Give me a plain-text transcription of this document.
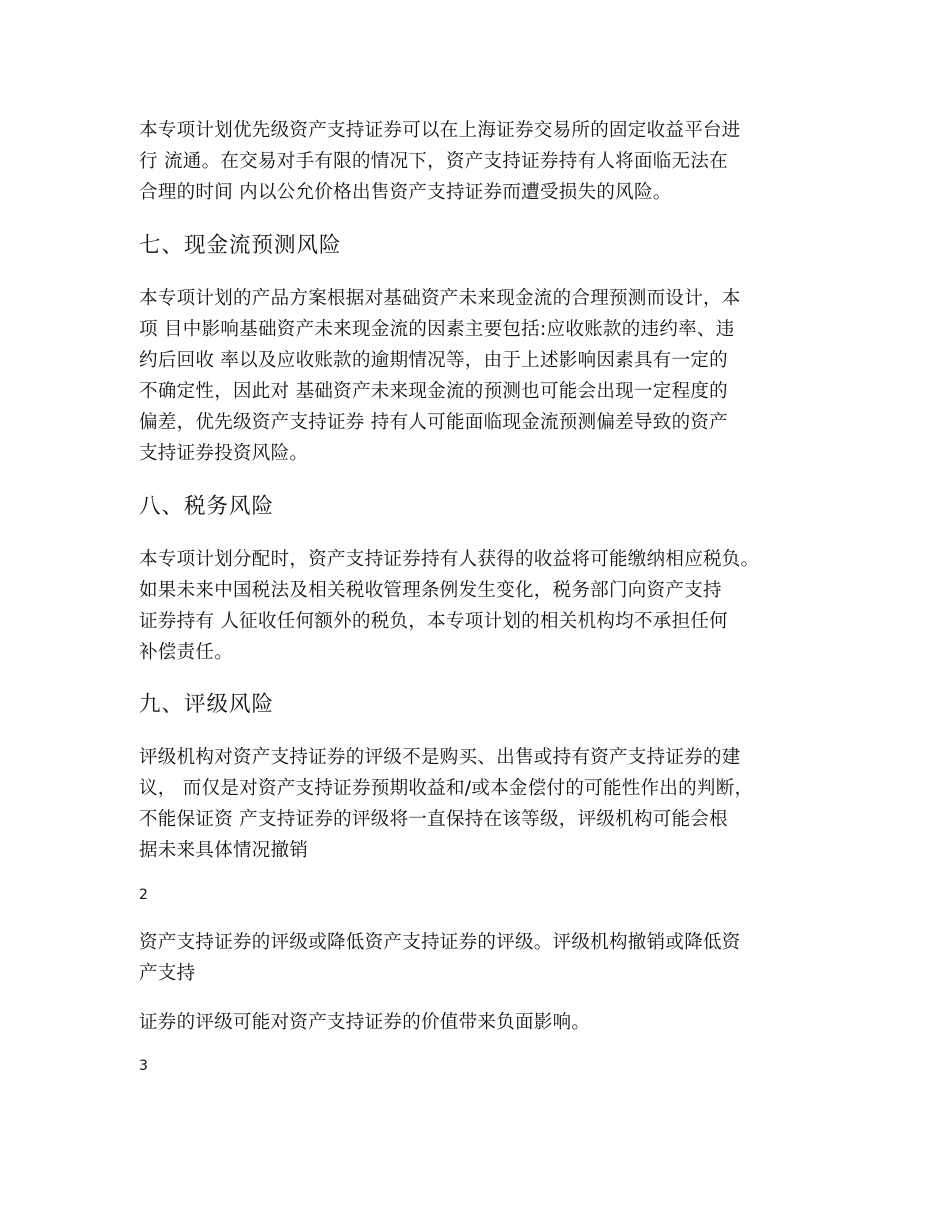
本专项计划优先级资产支持证券可以在上海证券交易所的固定收益平台进
行 流通。在交易对手有限的情况下，资产支持证券持有人将面临无法在
合理的时间 内以公允价格出售资产支持证券而遭受损失的风险。
七、现金流预测风险
本专项计划的产品方案根据对基础资产未来现金流的合理预测而设计，本
项 目中影响基础资产未来现金流的因素主要包括:应收账款的违约率、违
约后回收 率以及应收账款的逾期情况等，由于上述影响因素具有一定的
不确定性，因此对 基础资产未来现金流的预测也可能会出现一定程度的
偏差，优先级资产支持证券 持有人可能面临现金流预测偏差导致的资产
支持证券投资风险。
八、税务风险
本专项计划分配时，资产支持证券持有人获得的收益将可能缴纳相应税负。
如果未来中国税法及相关税收管理条例发生变化，税务部门向资产支持
证券持有 人征收任何额外的税负，本专项计划的相关机构均不承担任何
补偿责任。
九、评级风险
评级机构对资产支持证券的评级不是购买、出售或持有资产支持证券的建
议， 而仅是对资产支持证券预期收益和/或本金偿付的可能性作出的判断，
不能保证资 产支持证券的评级将一直保持在该等级，评级机构可能会根
据未来具体情况撤销
2
资产支持证券的评级或降低资产支持证券的评级。评级机构撤销或降低资
产支持
证券的评级可能对资产支持证券的价值带来负面影响。
3
